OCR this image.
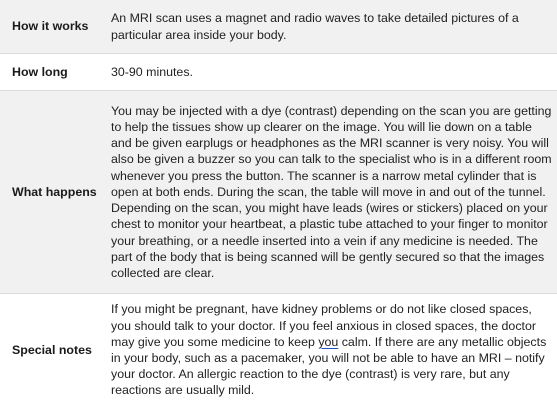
How it works	An MRI scan uses a magnet and radio waves to take detailed pictures of a particular area inside your body.

How long	30-90 minutes.

What happens	You may be injected with a dye (contrast) depending on the scan you are getting to help the tissues show up clearer on the image. You will lie down on a table and be given earplugs or headphones as the MRI scanner is very noisy. You will also be given a buzzer so you can talk to the specialist who is in a different room whenever you press the button. The scanner is a narrow metal cylinder that is open at both ends. During the scan, the table will move in and out of the tunnel. Depending on the scan, you might have leads (wires or stickers) placed on your chest to monitor your heartbeat, a plastic tube attached to your finger to monitor your breathing, or a needle inserted into a vein if any medicine is needed. The part of the body that is being scanned will be gently secured so that the images collected are clear.

Special notes	If you might be pregnant, have kidney problems or do not like closed spaces, you should talk to your doctor. If you feel anxious in closed spaces, the doctor may give you some medicine to keep you calm. If there are any metallic objects in your body, such as a pacemaker, you will not be able to have an MRI – notify your doctor. An allergic reaction to the dye (contrast) is very rare, but any reactions are usually mild.
